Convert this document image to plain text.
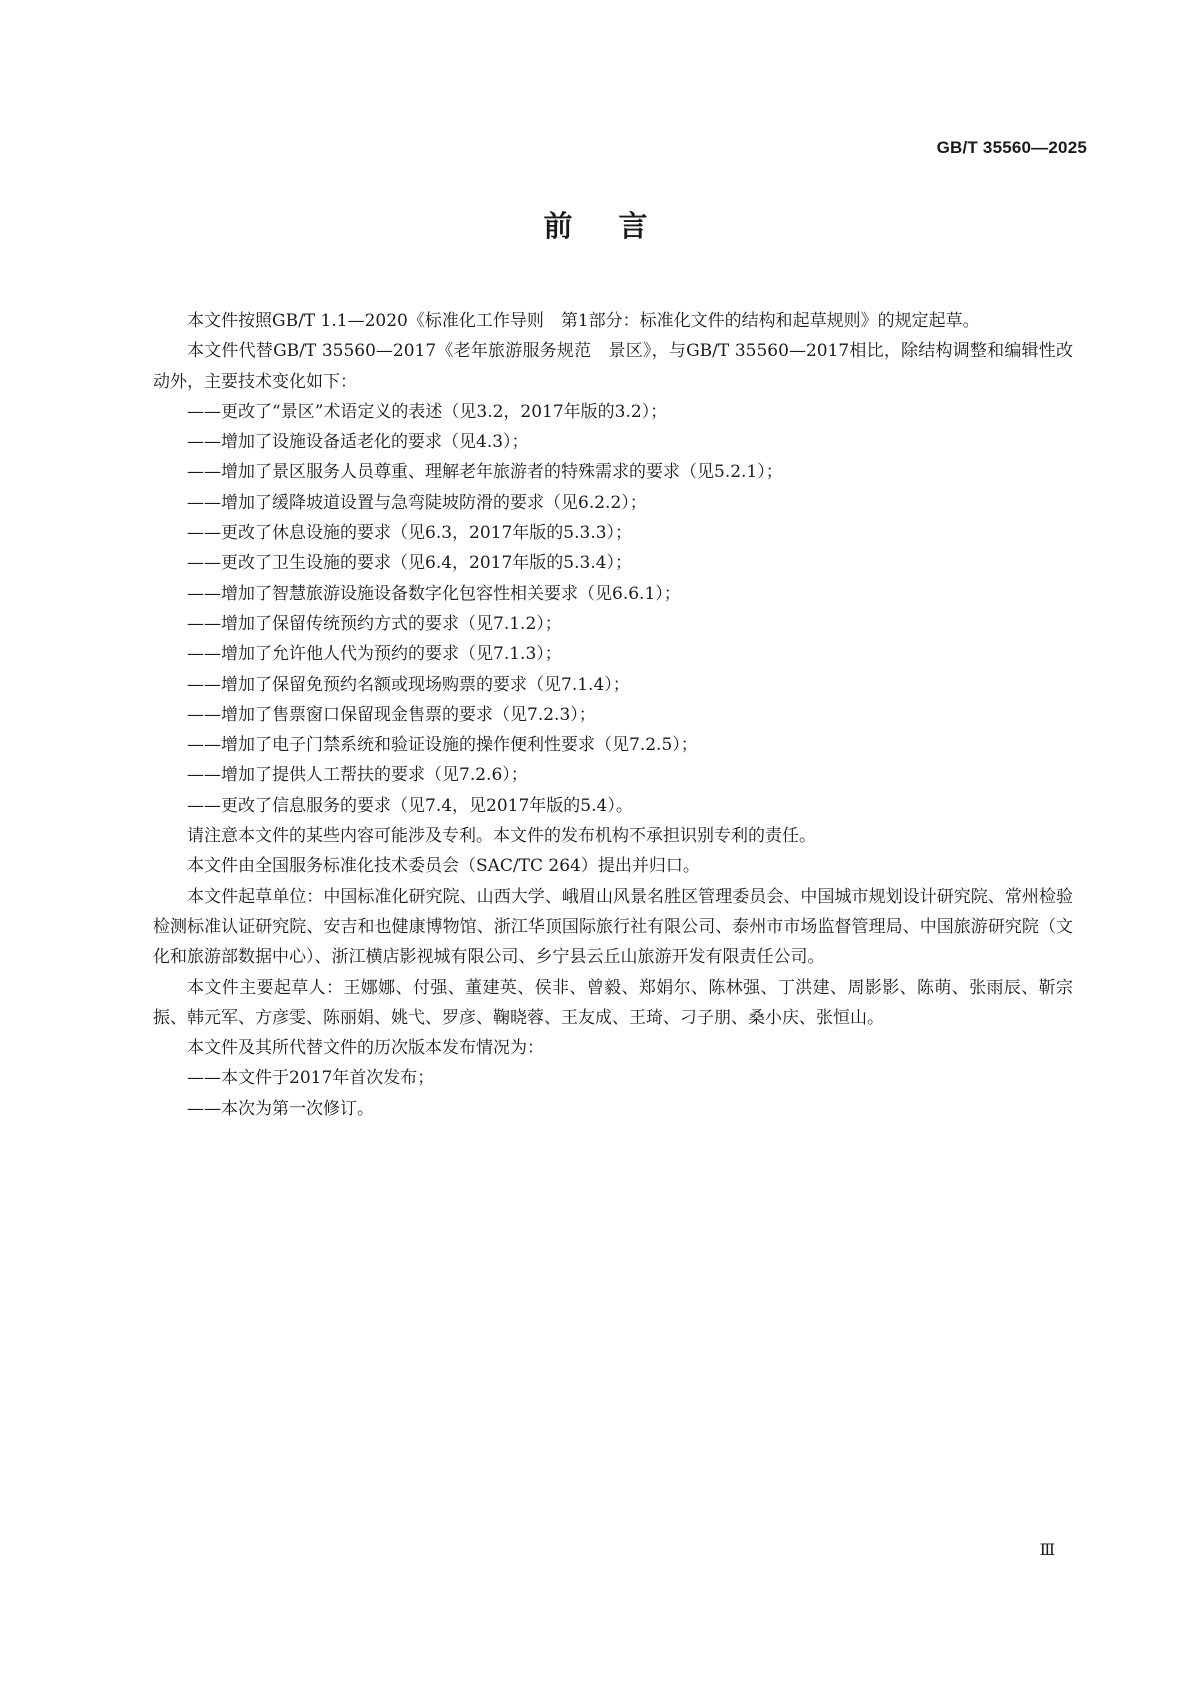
GB/T 35560—2025
前言

本文件按照GB/T 1.1—2020《标准化工作导则　第1部分：标准化文件的结构和起草规则》的规定起草。

本文件代替GB/T 35560—2017《老年旅游服务规范　景区》，与GB/T 35560—2017相比，除结构调整和编辑性改动外，主要技术变化如下：

——更改了“景区”术语定义的表述（见3.2，2017年版的3.2）；

——增加了设施设备适老化的要求（见4.3）；

——增加了景区服务人员尊重、理解老年旅游者的特殊需求的要求（见5.2.1）；

——增加了缓降坡道设置与急弯陡坡防滑的要求（见6.2.2）；

——更改了休息设施的要求（见6.3，2017年版的5.3.3）；

——更改了卫生设施的要求（见6.4，2017年版的5.3.4）；

——增加了智慧旅游设施设备数字化包容性相关要求（见6.6.1）；

——增加了保留传统预约方式的要求（见7.1.2）；

——增加了允许他人代为预约的要求（见7.1.3）；

——增加了保留免预约名额或现场购票的要求（见7.1.4）；

——增加了售票窗口保留现金售票的要求（见7.2.3）；

——增加了电子门禁系统和验证设施的操作便利性要求（见7.2.5）；

——增加了提供人工帮扶的要求（见7.2.6）；

——更改了信息服务的要求（见7.4，见2017年版的5.4）。

请注意本文件的某些内容可能涉及专利。本文件的发布机构不承担识别专利的责任。

本文件由全国服务标准化技术委员会（SAC/TC 264）提出并归口。

本文件起草单位：中国标准化研究院、山西大学、峨眉山风景名胜区管理委员会、中国城市规划设计研究院、常州检验检测标准认证研究院、安吉和也健康博物馆、浙江华顶国际旅行社有限公司、泰州市市场监督管理局、中国旅游研究院（文化和旅游部数据中心）、浙江横店影视城有限公司、乡宁县云丘山旅游开发有限责任公司。

本文件主要起草人：王娜娜、付强、董建英、侯非、曾毅、郑娟尔、陈林强、丁洪建、周影影、陈萌、张雨辰、靳宗振、韩元军、方彦雯、陈丽娟、姚弋、罗彦、鞠晓蓉、王友成、王琦、刁子朋、桑小庆、张恒山。

本文件及其所代替文件的历次版本发布情况为：

——本文件于2017年首次发布；

——本次为第一次修订。

Ⅲ
